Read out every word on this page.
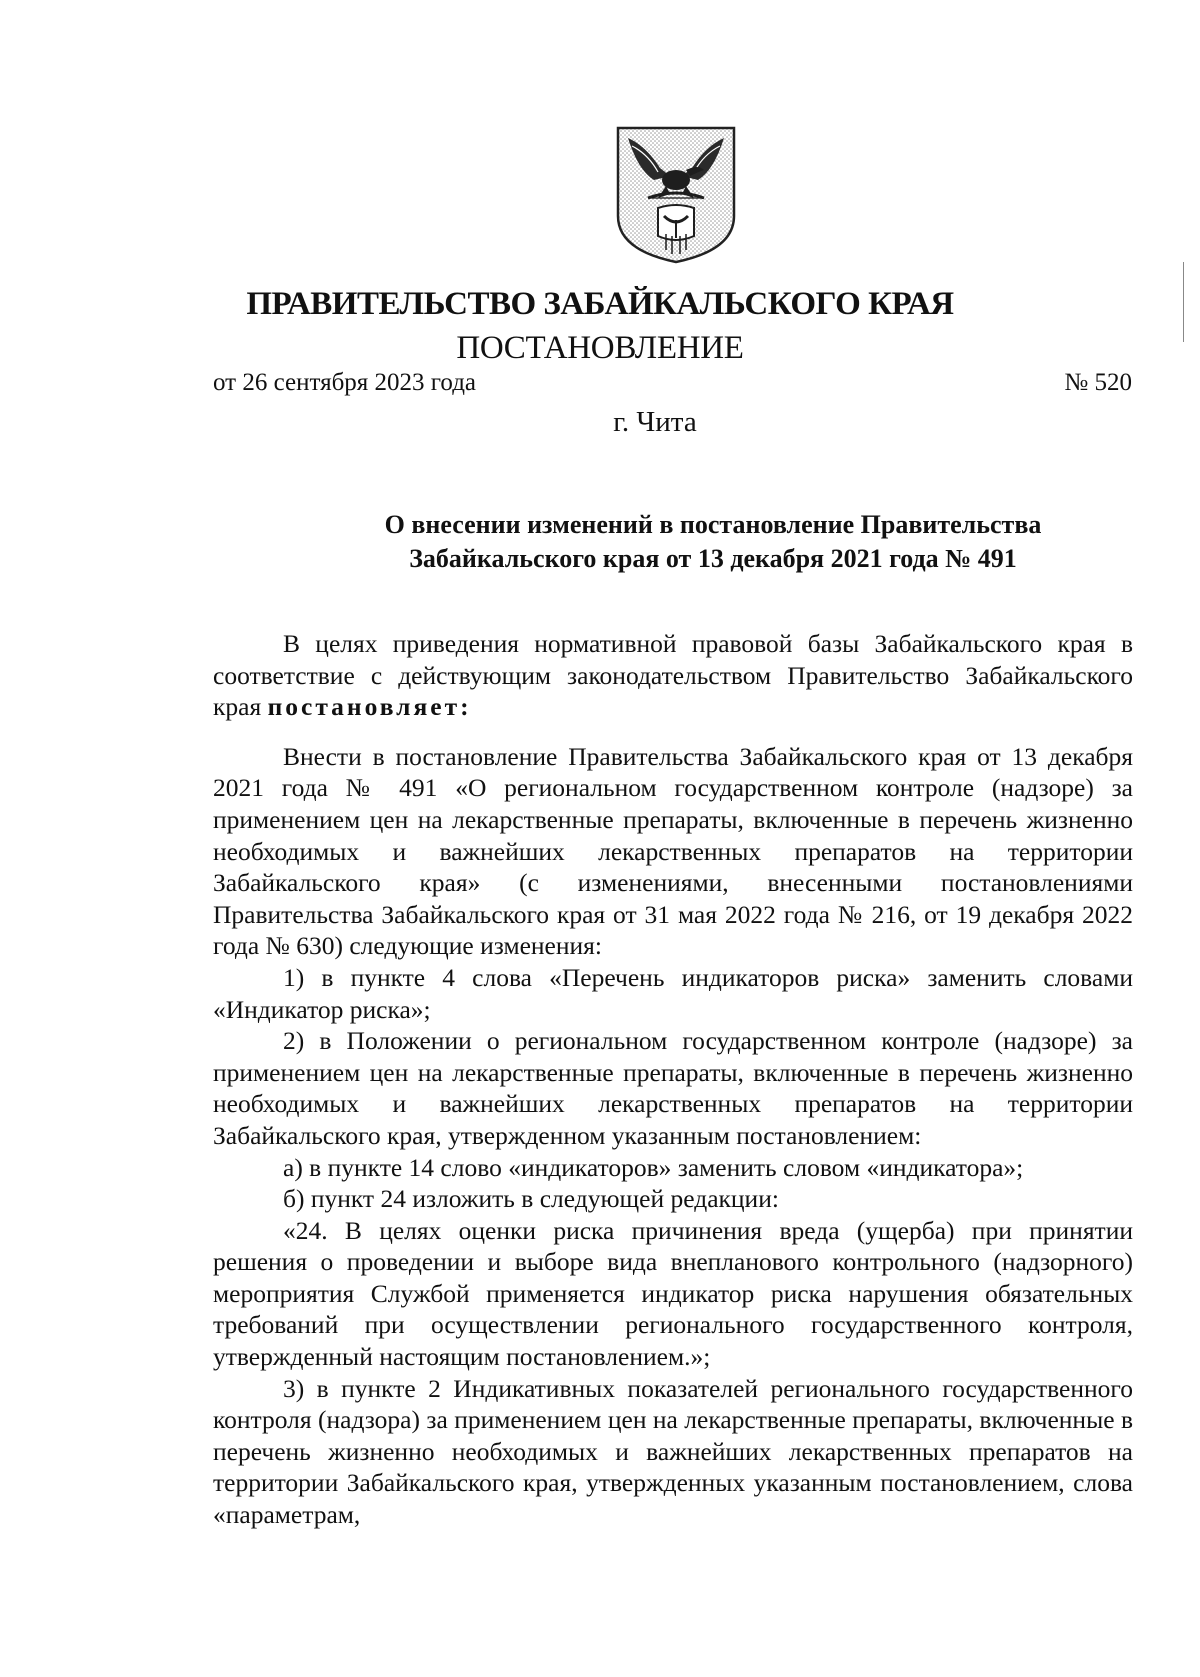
ПРАВИТЕЛЬСТВО ЗАБАЙКАЛЬСКОГО КРАЯ
ПОСТАНОВЛЕНИЕ
от 26 сентября 2023 года	№ 520
г. Чита
О внесении изменений в постановление Правительства
Забайкальского края от 13 декабря 2021 года № 491

В целях приведения нормативной правовой базы Забайкальского края в соответствие с действующим законодательством Правительство Забайкальского края постановляет:

Внести в постановление Правительства Забайкальского края от 13 декабря 2021 года № 491 «О региональном государственном контроле (надзоре) за применением цен на лекарственные препараты, включенные в перечень жизненно необходимых и важнейших лекарственных препаратов на территории Забайкальского края» (с изменениями, внесенными постановлениями Правительства Забайкальского края от 31 мая 2022 года № 216, от 19 декабря 2022 года № 630) следующие изменения:

1) в пункте 4 слова «Перечень индикаторов риска» заменить словами «Индикатор риска»;

2) в Положении о региональном государственном контроле (надзоре) за применением цен на лекарственные препараты, включенные в перечень жизненно необходимых и важнейших лекарственных препаратов на территории Забайкальского края, утвержденном указанным постановлением:

а) в пункте 14 слово «индикаторов» заменить словом «индикатора»;

б) пункт 24 изложить в следующей редакции:

«24. В целях оценки риска причинения вреда (ущерба) при принятии решения о проведении и выборе вида внепланового контрольного (надзорного) мероприятия Службой применяется индикатор риска нарушения обязательных требований при осуществлении регионального государственного контроля, утвержденный настоящим постановлением.»;

3) в пункте 2 Индикативных показателей регионального государственного контроля (надзора) за применением цен на лекарственные препараты, включенные в перечень жизненно необходимых и важнейших лекарственных препаратов на территории Забайкальского края, утвержденных указанным постановлением, слова «параметрам,
